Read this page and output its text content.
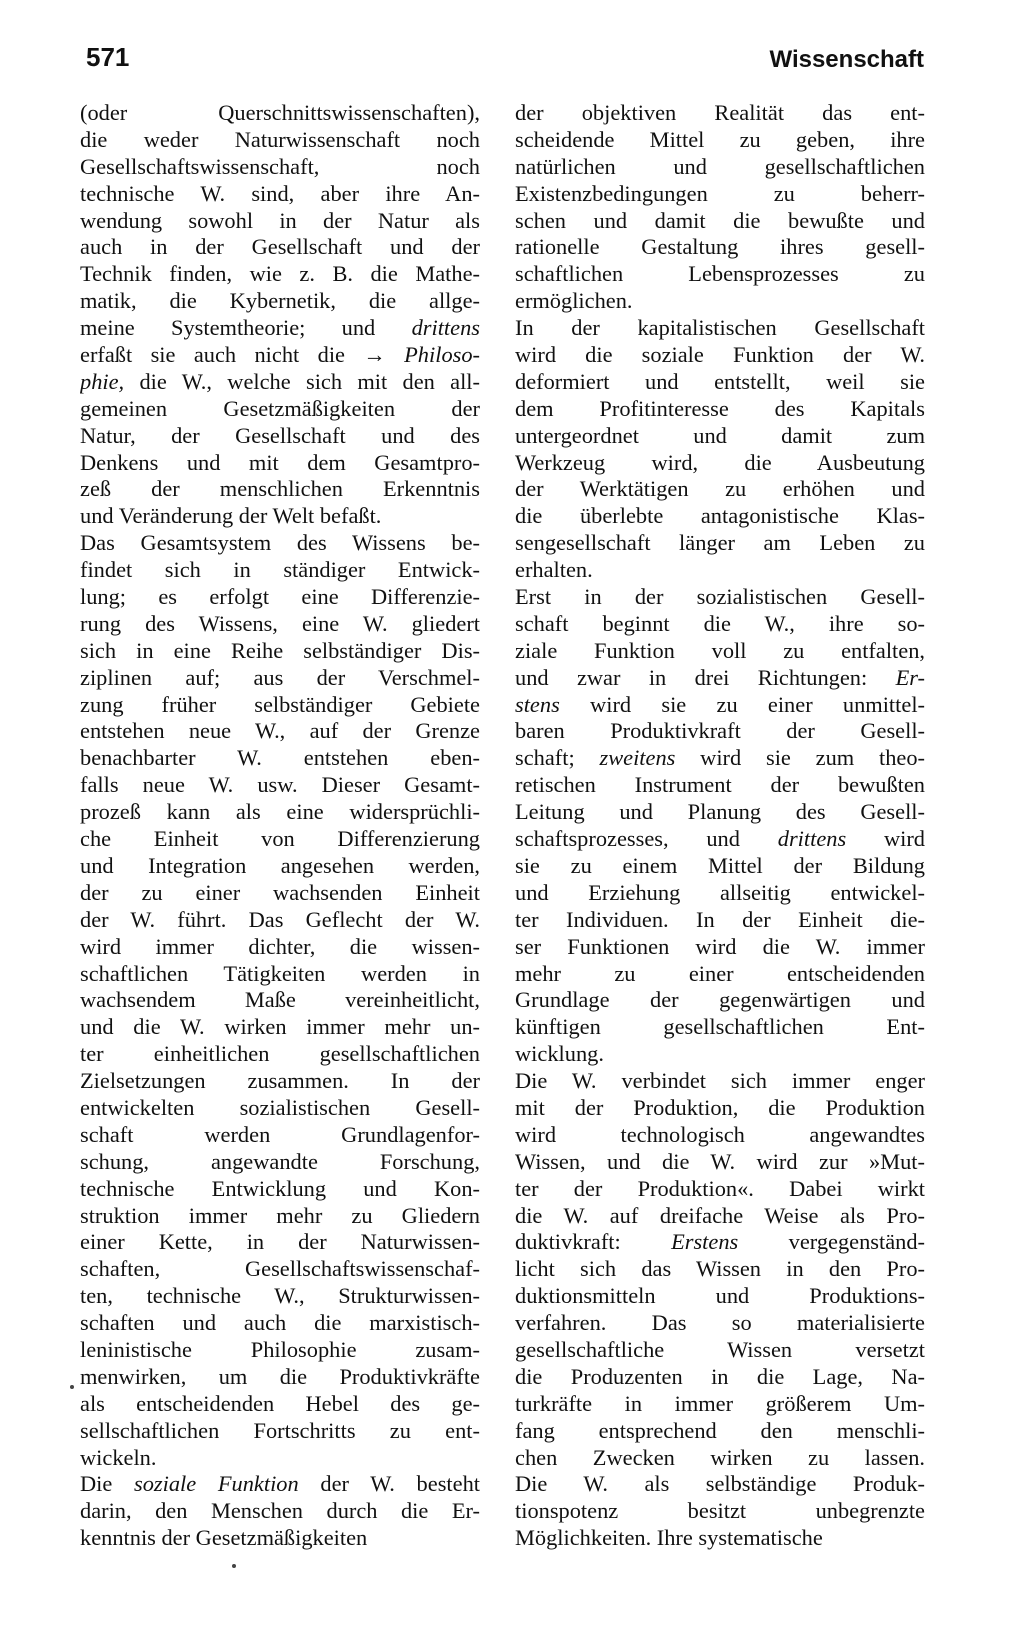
571	Wissenschaft
(oder Querschnittswissenschaften),
die weder Naturwissenschaft noch
Gesellschaftswissenschaft, noch
technische W. sind, aber ihre An-
wendung sowohl in der Natur als
auch in der Gesellschaft und der
Technik finden, wie z. B. die Mathe-
matik, die Kybernetik, die allge-
meine Systemtheorie; und drittens
erfaßt sie auch nicht die → Philoso-
phie, die W., welche sich mit den all-
gemeinen Gesetzmäßigkeiten der
Natur, der Gesellschaft und des
Denkens und mit dem Gesamtpro-
zeß der menschlichen Erkenntnis
und Veränderung der Welt befaßt.
Das Gesamtsystem des Wissens be-
findet sich in ständiger Entwick-
lung; es erfolgt eine Differenzie-
rung des Wissens, eine W. gliedert
sich in eine Reihe selbständiger Dis-
ziplinen auf; aus der Verschmel-
zung früher selbständiger Gebiete
entstehen neue W., auf der Grenze
benachbarter W. entstehen eben-
falls neue W. usw. Dieser Gesamt-
prozeß kann als eine widersprüchli-
che Einheit von Differenzierung
und Integration angesehen werden,
der zu einer wachsenden Einheit
der W. führt. Das Geflecht der W.
wird immer dichter, die wissen-
schaftlichen Tätigkeiten werden in
wachsendem Maße vereinheitlicht,
und die W. wirken immer mehr un-
ter einheitlichen gesellschaftlichen
Zielsetzungen zusammen. In der
entwickelten sozialistischen Gesell-
schaft werden Grundlagenfor-
schung, angewandte Forschung,
technische Entwicklung und Kon-
struktion immer mehr zu Gliedern
einer Kette, in der Naturwissen-
schaften, Gesellschaftswissenschaf-
ten, technische W., Strukturwissen-
schaften und auch die marxistisch-
leninistische Philosophie zusam-
menwirken, um die Produktivkräfte
als entscheidenden Hebel des ge-
sellschaftlichen Fortschritts zu ent-
wickeln.
Die soziale Funktion der W. besteht
darin, den Menschen durch die Er-
kenntnis der Gesetzmäßigkeiten
der objektiven Realität das ent-
scheidende Mittel zu geben, ihre
natürlichen und gesellschaftlichen
Existenzbedingungen zu beherr-
schen und damit die bewußte und
rationelle Gestaltung ihres gesell-
schaftlichen Lebensprozesses zu
ermöglichen.
In der kapitalistischen Gesellschaft
wird die soziale Funktion der W.
deformiert und entstellt, weil sie
dem Profitinteresse des Kapitals
untergeordnet und damit zum
Werkzeug wird, die Ausbeutung
der Werktätigen zu erhöhen und
die überlebte antagonistische Klas-
sengesellschaft länger am Leben zu
erhalten.
Erst in der sozialistischen Gesell-
schaft beginnt die W., ihre so-
ziale Funktion voll zu entfalten,
und zwar in drei Richtungen: Er-
stens wird sie zu einer unmittel-
baren Produktivkraft der Gesell-
schaft; zweitens wird sie zum theo-
retischen Instrument der bewußten
Leitung und Planung des Gesell-
schaftsprozesses, und drittens wird
sie zu einem Mittel der Bildung
und Erziehung allseitig entwickel-
ter Individuen. In der Einheit die-
ser Funktionen wird die W. immer
mehr zu einer entscheidenden
Grundlage der gegenwärtigen und
künftigen gesellschaftlichen Ent-
wicklung.
Die W. verbindet sich immer enger
mit der Produktion, die Produktion
wird technologisch angewandtes
Wissen, und die W. wird zur »Mut-
ter der Produktion«. Dabei wirkt
die W. auf dreifache Weise als Pro-
duktivkraft: Erstens vergegenständ-
licht sich das Wissen in den Pro-
duktionsmitteln und Produktions-
verfahren. Das so materialisierte
gesellschaftliche Wissen versetzt
die Produzenten in die Lage, Na-
turkräfte in immer größerem Um-
fang entsprechend den menschli-
chen Zwecken wirken zu lassen.
Die W. als selbständige Produk-
tionspotenz besitzt unbegrenzte
Möglichkeiten. Ihre systematische
